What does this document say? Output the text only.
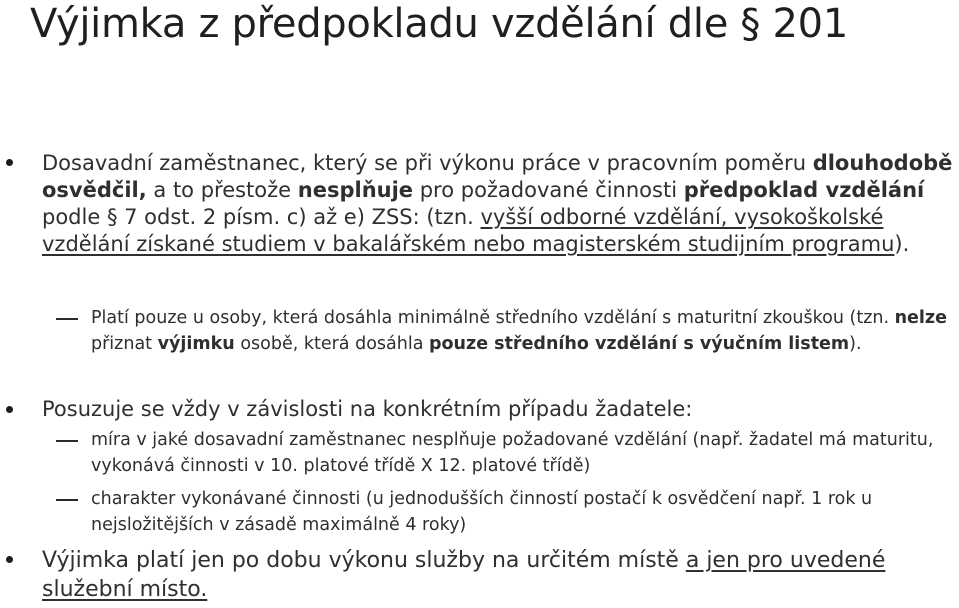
Výjimka z předpokladu vzdělání dle § 201

Dosavadní zaměstnanec, který se při výkonu práce v pracovním poměru dlouhodobě osvědčil, a to přestože nesplňuje pro požadované činnosti předpoklad vzdělání podle § 7 odst. 2 písm. c) až e) ZSS: (tzn. vyšší odborné vzdělání, vysokoškolské vzdělání získané studiem v bakalářském nebo magisterském studijním programu).

Platí pouze u osoby, která dosáhla minimálně středního vzdělání s maturitní zkouškou (tzn. nelze přiznat výjimku osobě, která dosáhla pouze středního vzdělání s výučním listem).

Posuzuje se vždy v závislosti na konkrétním případu žadatele:

míra v jaké dosavadní zaměstnanec nesplňuje požadované vzdělání (např. žadatel má maturitu, vykonává činnosti v 10. platové třídě X 12. platové třídě)

charakter vykonávané činnosti (u jednodušších činností postačí k osvědčení např. 1 rok u nejsložitějších v zásadě maximálně 4 roky)

Výjimka platí jen po dobu výkonu služby na určitém místě a jen pro uvedené služební místo.
